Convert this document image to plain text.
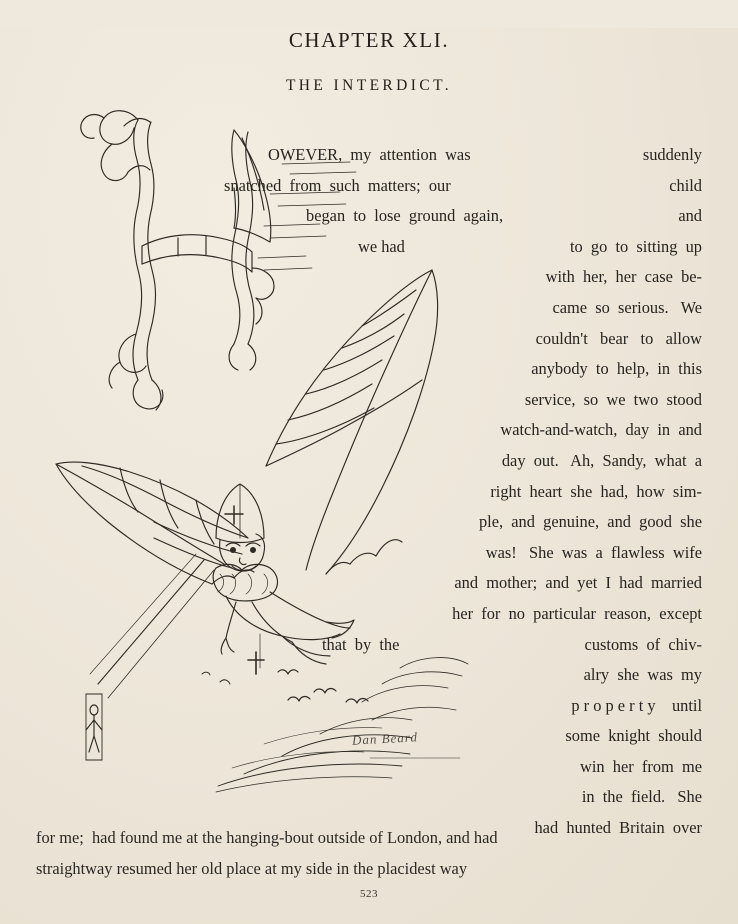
CHAPTER XLI.
THE INTERDICT.
Dan Beard
OWEVER,  my  attention  was	suddenly
snatched  from  such  matters;  our	child
began  to  lose  ground  again,	and
we had	to  go  to  sitting  up
with  her,  her  case  be-
came  so  serious.   We
couldn't   bear   to   allow
anybody  to  help,  in  this
service,  so  we  two  stood
watch-and-watch,  day  in  and
day  out.   Ah,  Sandy,  what  a
right  heart  she  had,  how  sim-
ple,  and  genuine,  and  good  she
was!   She  was  a  flawless  wife
and  mother;  and  yet  I  had  married
her  for  no  particular  reason,  except
that  by  the	customs  of  chiv-
alry  she  was  my
p r o p e r t y    until
some  knight  should
win  her  from  me
in  the  field.   She
had  hunted  Britain  over
for me;  had found me at the hanging-bout outside of London, and had
straightway resumed her old place at my side in the placidest way
523
